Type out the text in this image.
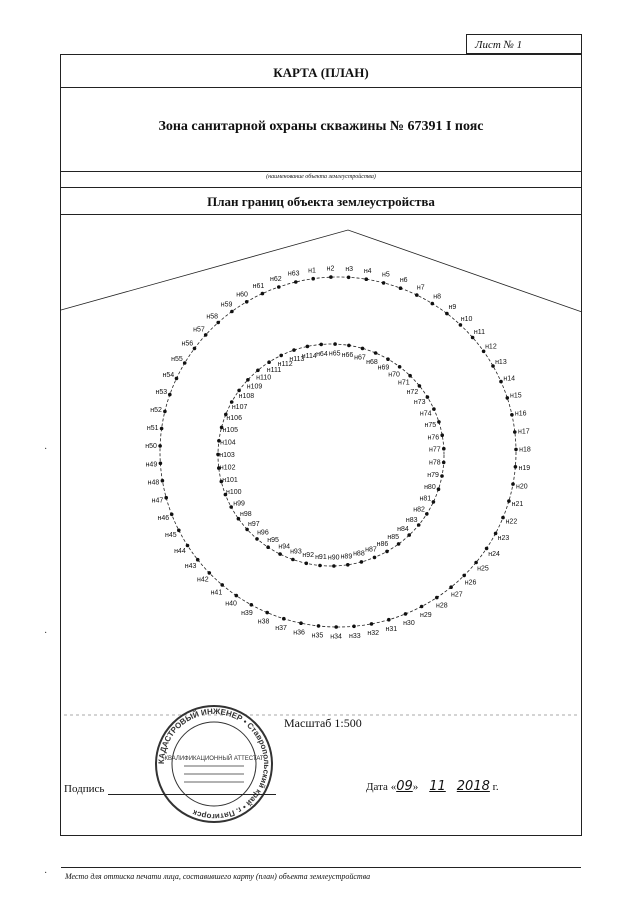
Лист № 1
КАРТА (ПЛАН)
Зона санитарной охраны скважины № 67391 I пояс
(наименование объекта землеустройства)
План границ объекта землеустройства
Место для оттиска печати лица, составившего карту (план) объекта землеустройства
н1 н2 н3 н4
н5
н6
н7
н8
н9
н10
н11
н12
н13
н14
н15
н16
н17
н18
н19
н20
н21
н22
н23
н24
н25
н26
н27
н28
н29
н30
н31
н32
н33
н34
н35
н36
н37
н38
н39
н40
н41
н42
н43
н44
н45
н46
н47
н48
н49
н50
н51
н52
н53
н54
н55
н56
н57
н58
н59
н60
н61
н62
н63
н64 н65 н66 н67
н68
н69
н70
н71
н72
н73
н74
н75
н76
н77
н78
н79
н80
н81
н82
н83
н84
н85
н86
н87
н88
н89
н90
н91
н92
н93
н94
н95
н96
н97
н98
н99
н100
н101
н102
н103
н104
н105
н106
н107
н108
н109
н110
н111
н112
н113
н114
Масштаб 1:500
КАДАСТРОВЫЙ ИНЖЕНЕР • Ставропольский край • г. Пятигорск
КВАЛИФИКАЦИОННЫЙ АТТЕСТАТ
Подпись	Дата «09»    11 2018 г.
·
·
·
